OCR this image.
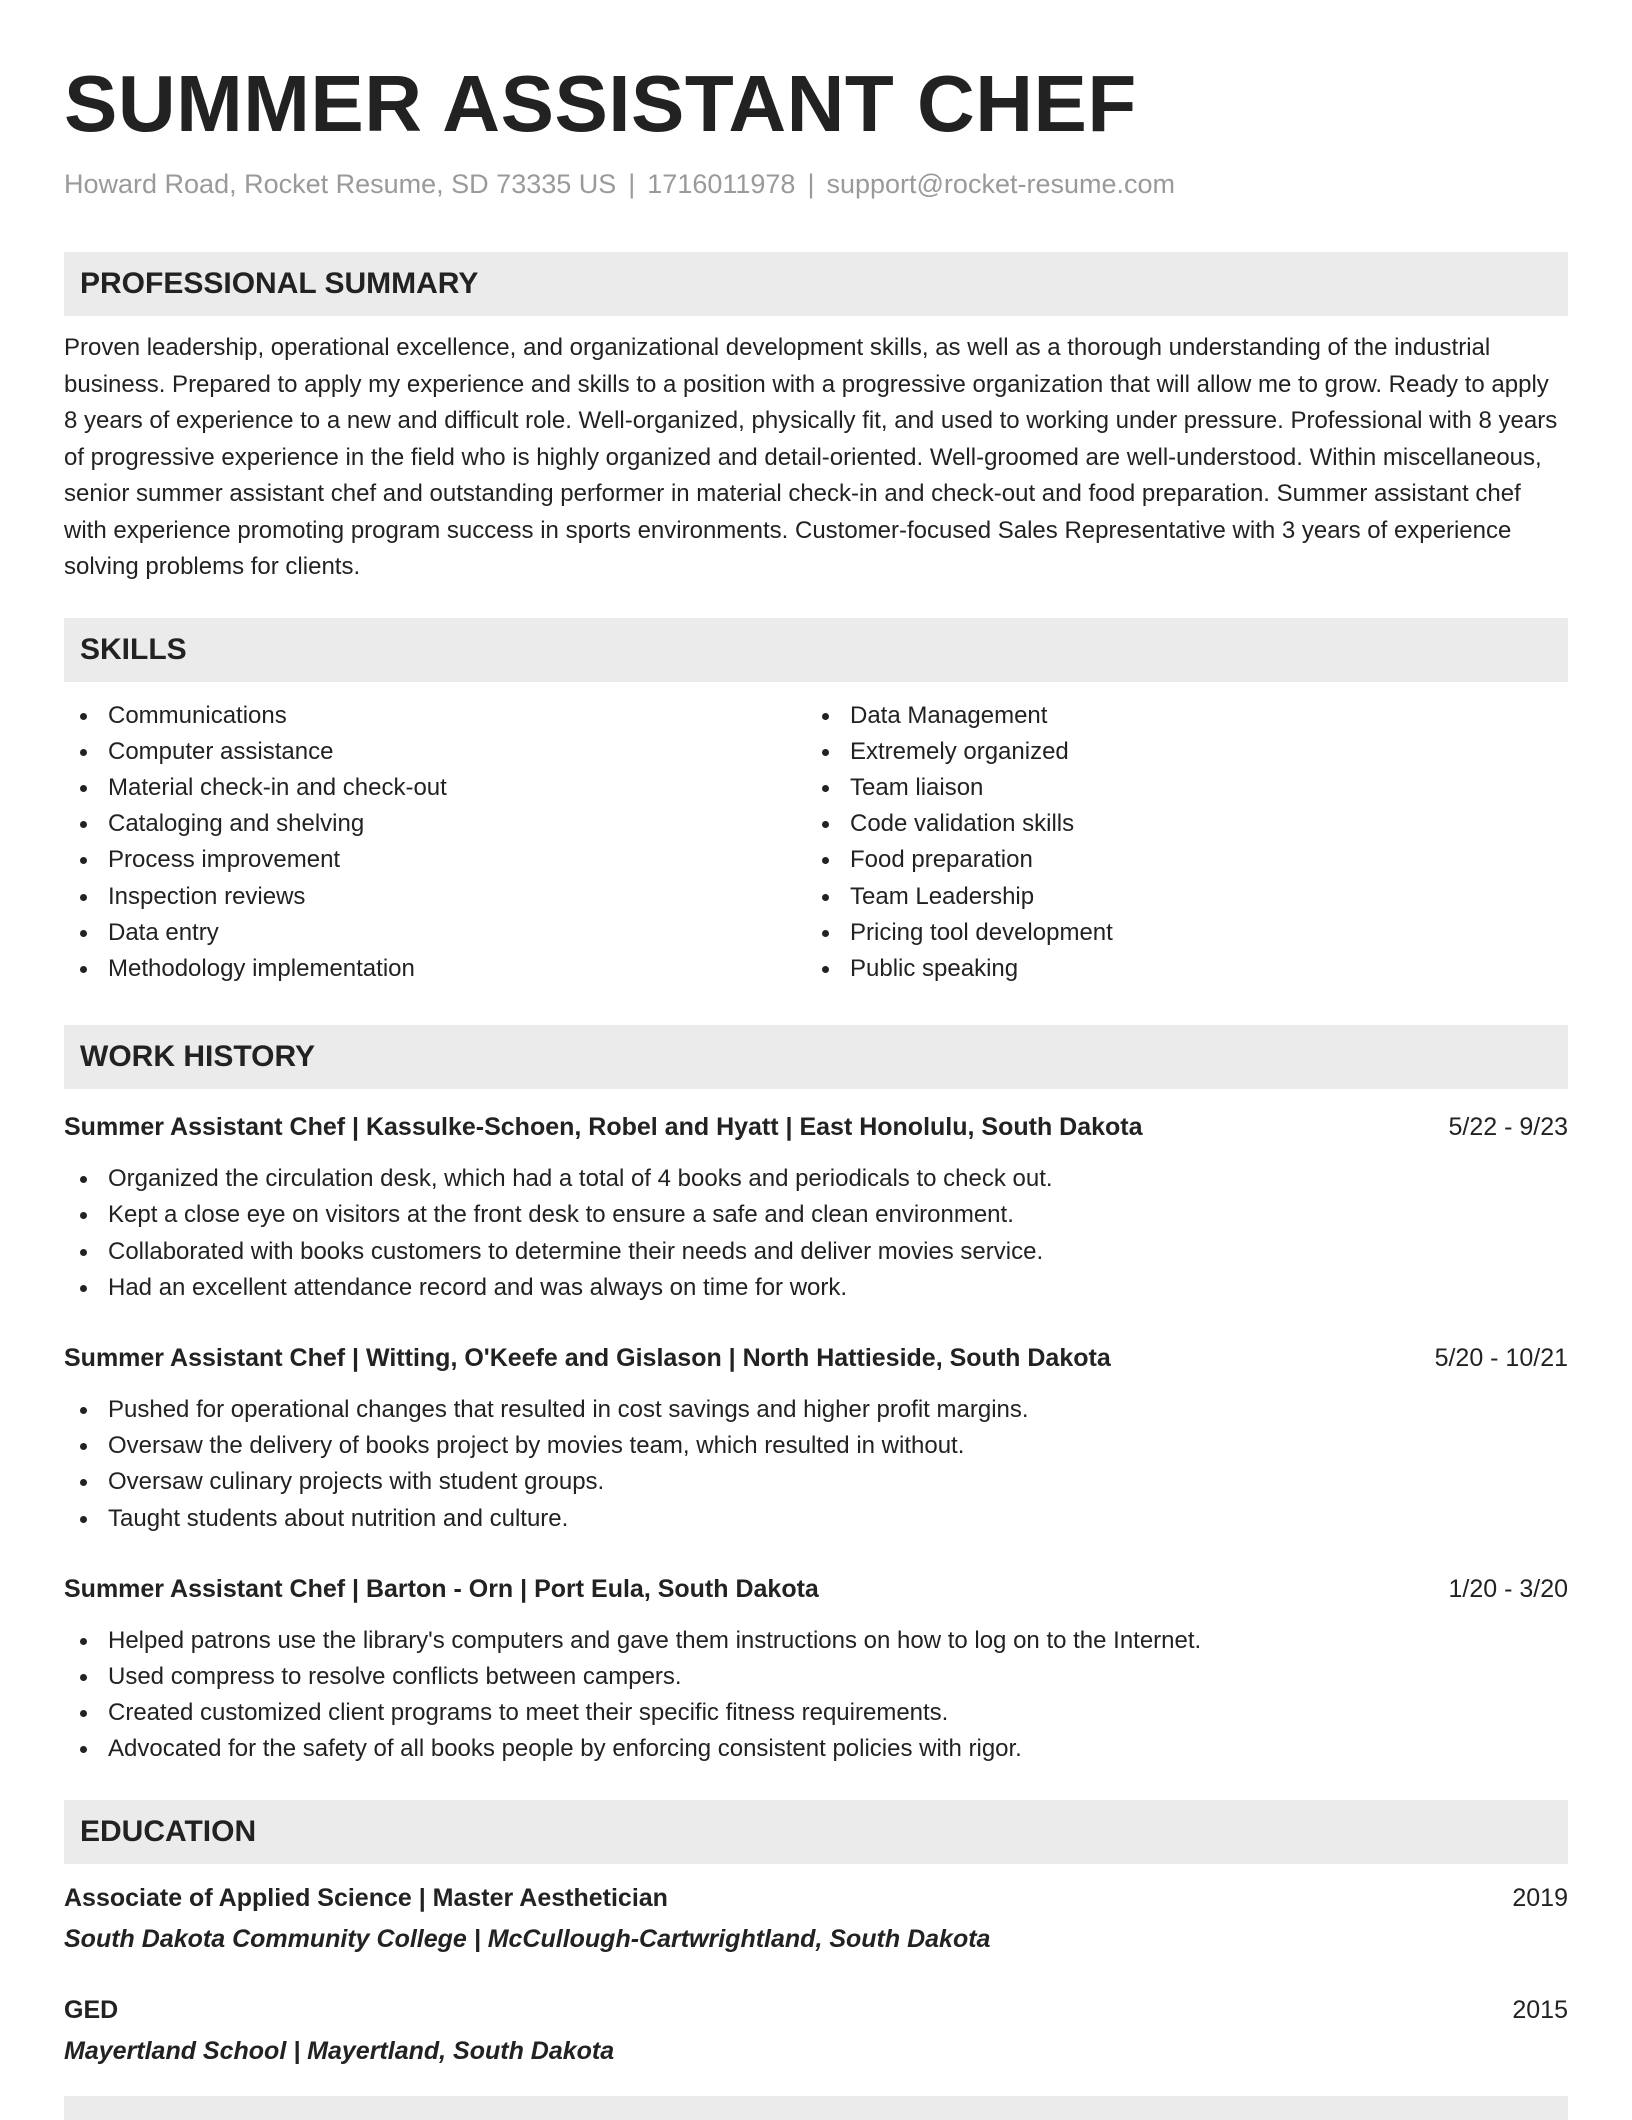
SUMMER ASSISTANT CHEF
Howard Road, Rocket Resume, SD 73335 US | 1716011978 | support@rocket-resume.com
PROFESSIONAL SUMMARY

Proven leadership, operational excellence, and organizational development skills, as well as a thorough understanding of the industrial business. Prepared to apply my experience and skills to a position with a progressive organization that will allow me to grow. Ready to apply 8 years of experience to a new and difficult role. Well-organized, physically fit, and used to working under pressure. Professional with 8 years of progressive experience in the field who is highly organized and detail-oriented. Well-groomed are well-understood. Within miscellaneous, senior summer assistant chef and outstanding performer in material check-in and check-out and food preparation. Summer assistant chef with experience promoting program success in sports environments. Customer-focused Sales Representative with 3 years of experience solving problems for clients.

SKILLS
Communications
Computer assistance
Material check-in and check-out
Cataloging and shelving
Process improvement
Inspection reviews
Data entry
Methodology implementation
Data Management
Extremely organized
Team liaison
Code validation skills
Food preparation
Team Leadership
Pricing tool development
Public speaking
WORK HISTORY
Summer Assistant Chef | Kassulke-Schoen, Robel and Hyatt | East Honolulu, South Dakota	5/22 - 9/23
Organized the circulation desk, which had a total of 4 books and periodicals to check out.
Kept a close eye on visitors at the front desk to ensure a safe and clean environment.
Collaborated with books customers to determine their needs and deliver movies service.
Had an excellent attendance record and was always on time for work.
Summer Assistant Chef | Witting, O'Keefe and Gislason | North Hattieside, South Dakota	5/20 - 10/21
Pushed for operational changes that resulted in cost savings and higher profit margins.
Oversaw the delivery of books project by movies team, which resulted in without.
Oversaw culinary projects with student groups.
Taught students about nutrition and culture.
Summer Assistant Chef | Barton - Orn | Port Eula, South Dakota	1/20 - 3/20
Helped patrons use the library's computers and gave them instructions on how to log on to the Internet.
Used compress to resolve conflicts between campers.
Created customized client programs to meet their specific fitness requirements.
Advocated for the safety of all books people by enforcing consistent policies with rigor.
EDUCATION
Associate of Applied Science | Master Aesthetician	2019
South Dakota Community College | McCullough-Cartwrightland, South Dakota
GED	2015
Mayertland School | Mayertland, South Dakota
